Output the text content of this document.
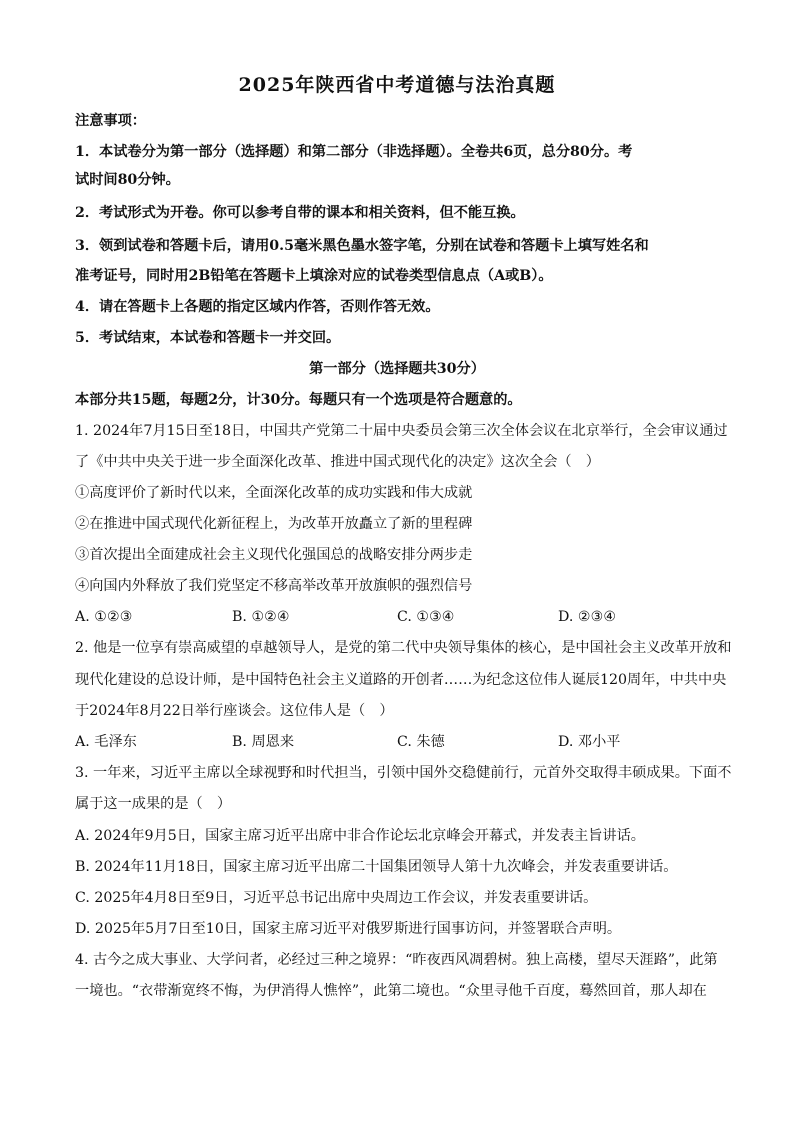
2025年陕西省中考道德与法治真题
注意事项：
1．本试卷分为第一部分（选择题）和第二部分（非选择题）。全卷共6页，总分80分。考
试时间80分钟。
2．考试形式为开卷。你可以参考自带的课本和相关资料，但不能互换。
3．领到试卷和答题卡后，请用0.5毫米黑色墨水签字笔，分别在试卷和答题卡上填写姓名和
准考证号，同时用2B铅笔在答题卡上填涂对应的试卷类型信息点（A或B）。
4．请在答题卡上各题的指定区域内作答，否则作答无效。
5．考试结束，本试卷和答题卡一并交回。
第一部分（选择题共30分）
本部分共15题，每题2分，计30分。每题只有一个选项是符合题意的。
1. 2024年7月15日至18日，中国共产党第二十届中央委员会第三次全体会议在北京举行，全会审议通过
了《中共中央关于进一步全面深化改革、推进中国式现代化的决定》这次全会（　）
①高度评价了新时代以来，全面深化改革的成功实践和伟大成就
②在推进中国式现代化新征程上，为改革开放矗立了新的里程碑
③首次提出全面建成社会主义现代化强国总的战略安排分两步走
④向国内外释放了我们党坚定不移高举改革开放旗帜的强烈信号
A. ①②③	B. ①②④	C. ①③④	D. ②③④
2. 他是一位享有崇高威望的卓越领导人，是党的第二代中央领导集体的核心，是中国社会主义改革开放和
现代化建设的总设计师，是中国特色社会主义道路的开创者……为纪念这位伟人诞辰120周年，中共中央
于2024年8月22日举行座谈会。这位伟人是（　）
A. 毛泽东	B. 周恩来	C. 朱德	D. 邓小平
3. 一年来，习近平主席以全球视野和时代担当，引领中国外交稳健前行，元首外交取得丰硕成果。下面不
属于这一成果的是（　）
A. 2024年9月5日，国家主席习近平出席中非合作论坛北京峰会开幕式，并发表主旨讲话。
B. 2024年11月18日，国家主席习近平出席二十国集团领导人第十九次峰会，并发表重要讲话。
C. 2025年4月8日至9日，习近平总书记出席中央周边工作会议，并发表重要讲话。
D. 2025年5月7日至10日，国家主席习近平对俄罗斯进行国事访问，并签署联合声明。
4. 古今之成大事业、大学问者，必经过三种之境界：“昨夜西风凋碧树。独上高楼，望尽天涯路”，此第
一境也。“衣带渐宽终不悔，为伊消得人憔悴”，此第二境也。“众里寻他千百度，蓦然回首，那人却在
